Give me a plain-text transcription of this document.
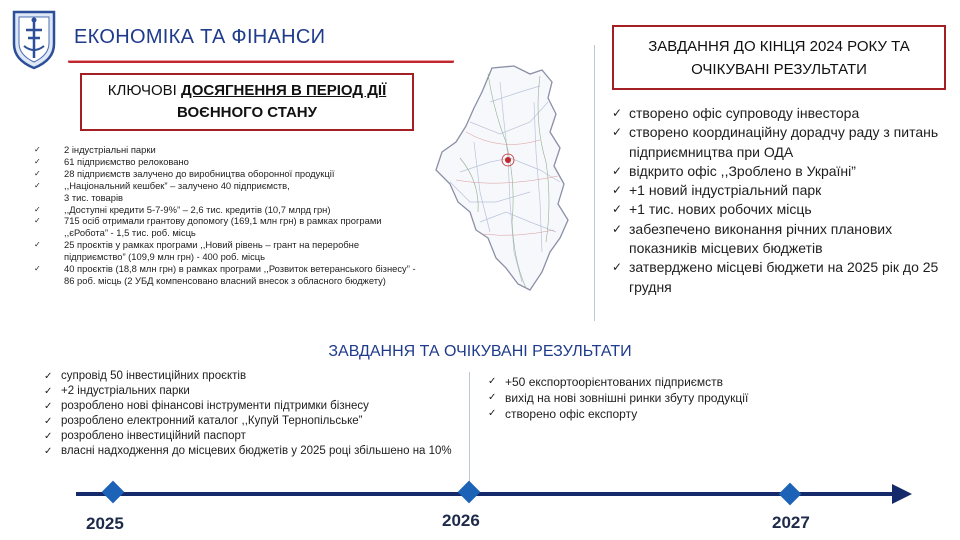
ЕКОНОМІКА ТА ФІНАНСИ
КЛЮЧОВІ ДОСЯГНЕННЯ В ПЕРІОД ДІЇ
ВОЄННОГО СТАНУ
✓ 2 індустріальні парки
✓ 61 підприємство релоковано
✓ 28 підприємств залучено до виробництва оборонної продукції
✓ ,,Національний кешбек” – залучено 40 підприємств,
3 тис. товарів
✓ ,,Доступні кредити 5-7-9%” – 2,6 тис. кредитів (10,7 млрд грн)
✓ 715 осіб отримали грантову допомогу (169,1 млн грн) в рамках програми ,,єРобота” - 1,5 тис. роб. місць
✓ 25 проєктів у рамках програми ,,Новий рівень – грант на переробне підприємство” (109,9 млн грн) - 400 роб. місць
✓ 40 проєктів (18,8 млн грн) в рамках програми ,,Розвиток ветеранського бізнесу” - 86 роб. місць (2 УБД компенсовано власний внесок з обласного бюджету)
ЗАВДАННЯ ДО КІНЦЯ 2024 РОКУ ТА
ОЧІКУВАНІ РЕЗУЛЬТАТИ
✓ створено офіс супроводу інвестора
✓ створено координаційну дорадчу раду з питань підприємництва при ОДА
✓ відкрито офіс ,,Зроблено в Україні”
✓ +1 новий індустріальний парк
✓ +1 тис. нових робочих місць
✓ забезпечено виконання річних планових показників місцевих бюджетів
✓ затверджено місцеві бюджети на 2025 рік до 25 грудня
ЗАВДАННЯ ТА ОЧІКУВАНІ РЕЗУЛЬТАТИ
✓ супровід 50 інвестиційних проєктів
✓ +2 індустріальних парки
✓ розроблено нові фінансові інструменти підтримки бізнесу
✓ розроблено електронний каталог ,,Купуй Тернопільське”
✓ розроблено інвестиційний паспорт
✓ власні надходження до місцевих бюджетів у 2025 році збільшено на 10%
✓ +50 експортоорієнтованих підприємств
✓ вихід на нові зовнішні ринки збуту продукції
✓ створено офіс експорту
2025	2026	2027
